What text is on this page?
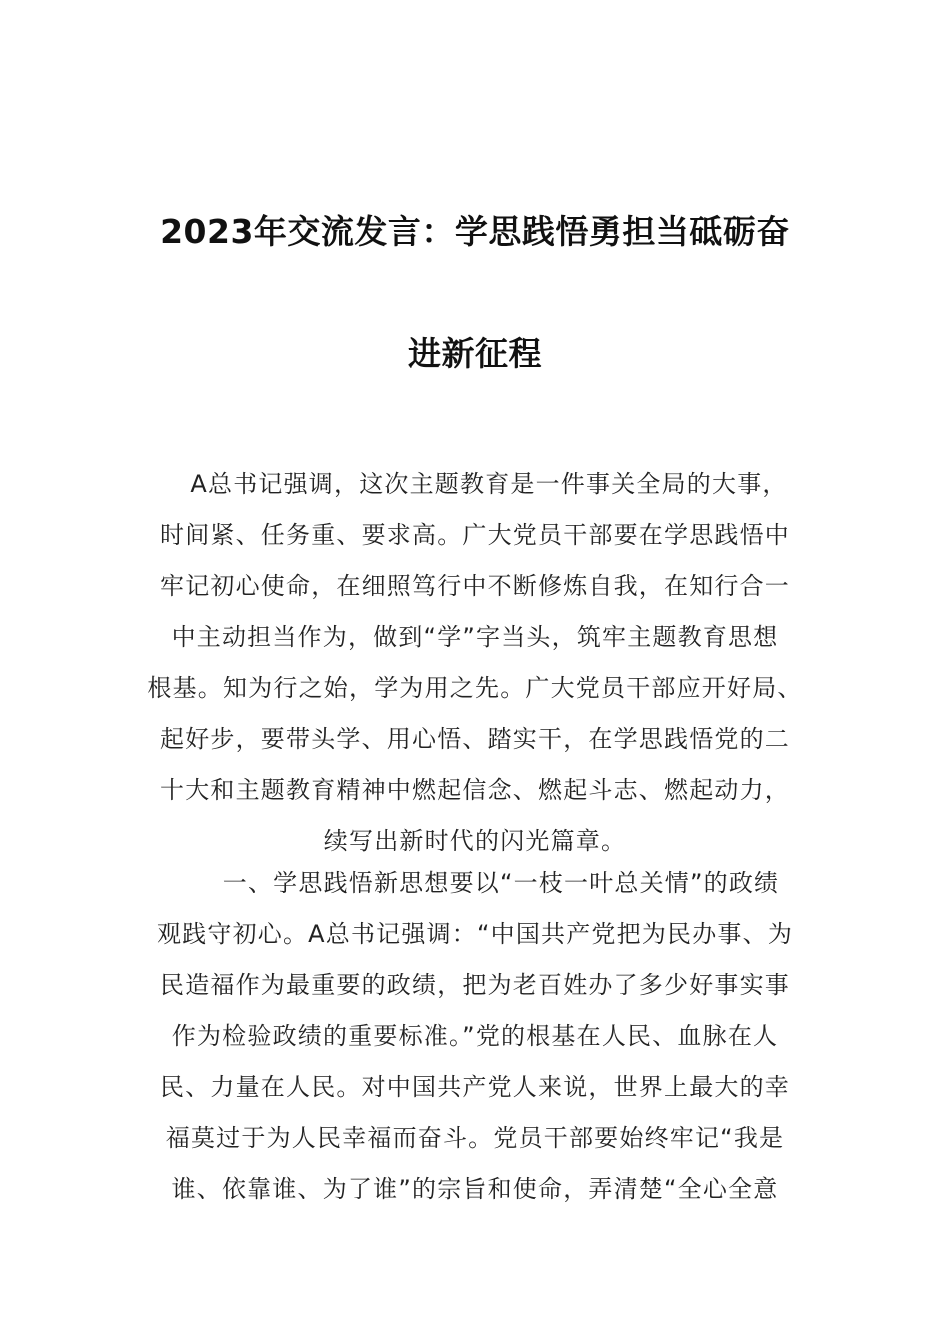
2023年交流发言：学思践悟勇担当砥砺奋
进新征程
A总书记强调，这次主题教育是一件事关全局的大事，
时间紧、任务重、要求高。广大党员干部要在学思践悟中
牢记初心使命，在细照笃行中不断修炼自我，在知行合一
中主动担当作为，做到“学”字当头，筑牢主题教育思想
根基。知为行之始，学为用之先。广大党员干部应开好局、
起好步，要带头学、用心悟、踏实干，在学思践悟党的二
十大和主题教育精神中燃起信念、燃起斗志、燃起动力，
续写出新时代的闪光篇章。
一、学思践悟新思想要以“一枝一叶总关情”的政绩
观践守初心。A总书记强调：“中国共产党把为民办事、为
民造福作为最重要的政绩，把为老百姓办了多少好事实事
作为检验政绩的重要标准。”党的根基在人民、血脉在人
民、力量在人民。对中国共产党人来说，世界上最大的幸
福莫过于为人民幸福而奋斗。党员干部要始终牢记“我是
谁、依靠谁、为了谁”的宗旨和使命，弄清楚“全心全意
